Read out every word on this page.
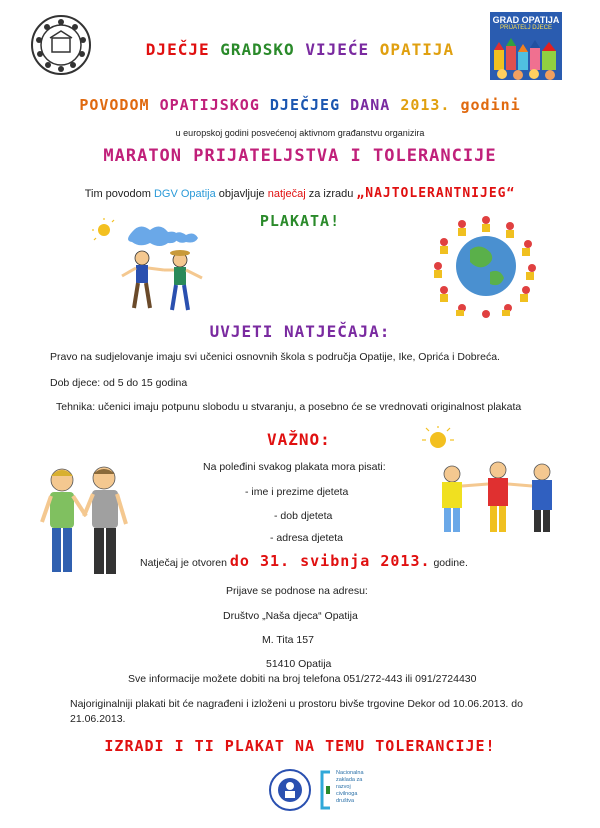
DJEČJE GRADSKO VIJEĆE OPATIJA
GRAD OPATIJA
PRIJATELJ DJECE
POVODOM OPATIJSKOG DJEČJEG DANA 2013. godini
u europskoj godini posvećenoj aktivnom građanstvu organizira
MARATON PRIJATELJSTVA I TOLERANCIJE
Tim povodom DGV Opatija objavljuje natječaj za izradu „NAJTOLERANTNIJEG“
PLAKATA!
UVJETI NATJEČAJA:
Pravo na sudjelovanje imaju svi učenici osnovnih škola s područja Opatije, Ike, Oprića i Dobreća.
Dob djece: od 5 do 15 godina
Tehnika: učenici imaju potpunu slobodu u stvaranju, a posebno će se vrednovati originalnost plakata
VAŽNO:
Na poleđini svakog plakata mora pisati:
- ime i prezime djeteta
- dob djeteta
- adresa djeteta
Natječaj je otvoren do 31. svibnja 2013. godine.
Prijave se podnose na adresu:
Društvo „Naša djeca“ Opatija
M. Tita 157
51410 Opatija
Sve informacije možete dobiti na broj telefona 051/272-443 ili 091/2724430
Najoriginalniji plakati bit će nagrađeni i izloženi u prostoru bivše trgovine Dekor od 10.06.2013. do 21.06.2013.
IZRADI I TI PLAKAT NA TEMU TOLERANCIJE!
Nacionalna
zaklada za
razvoj
civilnoga
društva
